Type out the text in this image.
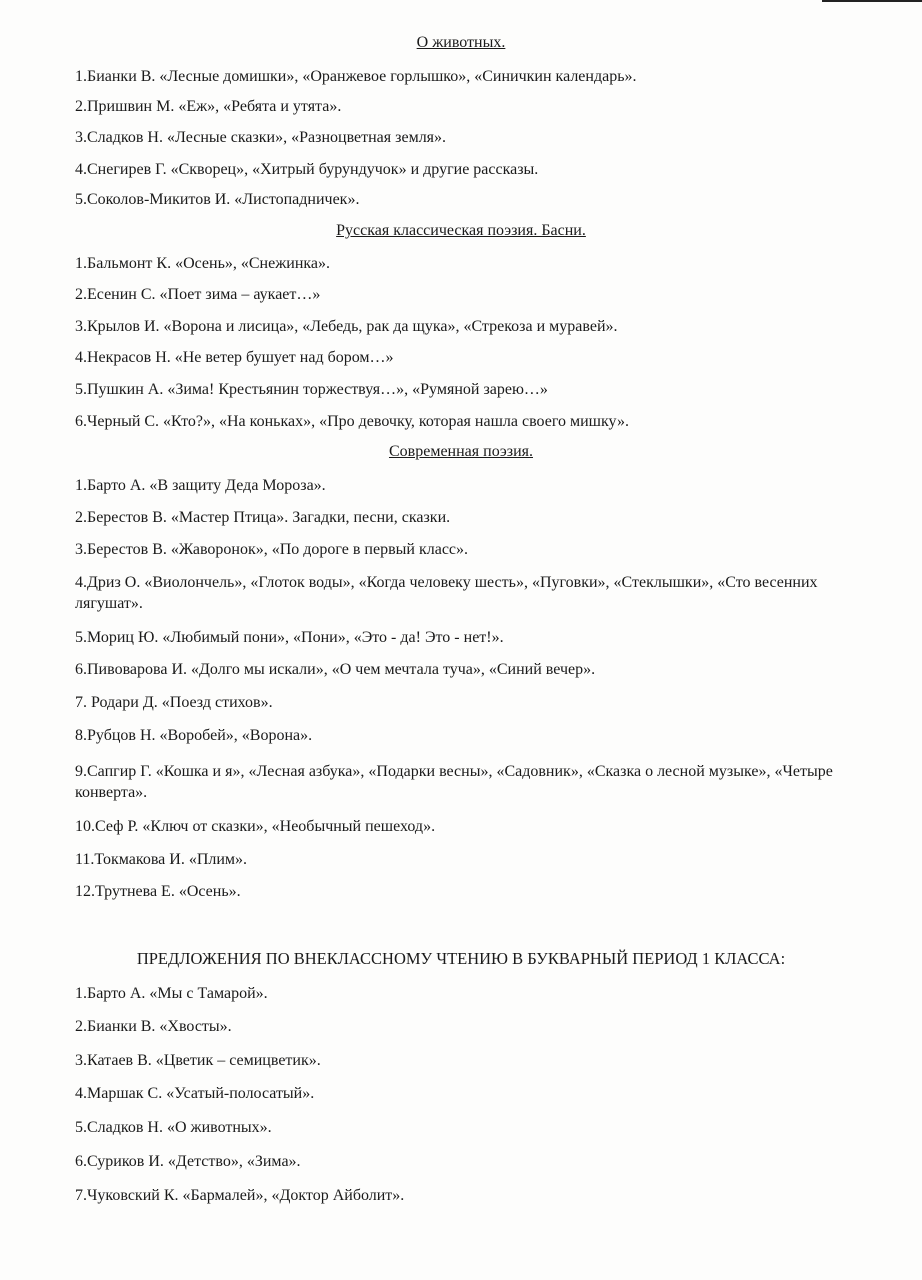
О животных.
1.Бианки В. «Лесные домишки», «Оранжевое горлышко», «Синичкин календарь».
2.Пришвин М. «Еж», «Ребята и утята».
3.Сладков Н. «Лесные сказки», «Разноцветная земля».
4.Снегирев Г. «Скворец», «Хитрый бурундучок» и другие рассказы.
5.Соколов-Микитов И. «Листопадничек».
Русская классическая поэзия. Басни.
1.Бальмонт К. «Осень», «Снежинка».
2.Есенин С. «Поет зима – аукает…»
3.Крылов И. «Ворона и лисица», «Лебедь, рак да щука», «Стрекоза и муравей».
4.Некрасов Н. «Не ветер бушует над бором…»
5.Пушкин А. «Зима! Крестьянин торжествуя…», «Румяной зарею…»
6.Черный С. «Кто?», «На коньках», «Про девочку, которая нашла своего мишку».
Современная поэзия.
1.Барто А. «В защиту Деда Мороза».
2.Берестов В. «Мастер Птица». Загадки, песни, сказки.
3.Берестов В. «Жаворонок», «По дороге в первый класс».
4.Дриз О. «Виолончель», «Глоток воды», «Когда человеку шесть», «Пуговки», «Стеклышки», «Сто весенних лягушат».
5.Мориц Ю. «Любимый пони», «Пони», «Это - да! Это - нет!».
6.Пивоварова И. «Долго мы искали», «О чем мечтала туча», «Синий вечер».
7. Родари Д. «Поезд стихов».
8.Рубцов Н. «Воробей», «Ворона».
9.Сапгир Г. «Кошка и я», «Лесная азбука», «Подарки весны», «Садовник», «Сказка о лесной музыке», «Четыре конверта».
10.Сеф Р. «Ключ от сказки», «Необычный пешеход».
11.Токмакова И. «Плим».
12.Трутнева Е. «Осень».
ПРЕДЛОЖЕНИЯ ПО ВНЕКЛАССНОМУ ЧТЕНИЮ В БУКВАРНЫЙ ПЕРИОД 1 КЛАССА:
1.Барто А. «Мы с Тамарой».
2.Бианки В. «Хвосты».
3.Катаев В. «Цветик – семицветик».
4.Маршак С. «Усатый-полосатый».
5.Сладков Н. «О животных».
6.Суриков И. «Детство», «Зима».
7.Чуковский К. «Бармалей», «Доктор Айболит».
